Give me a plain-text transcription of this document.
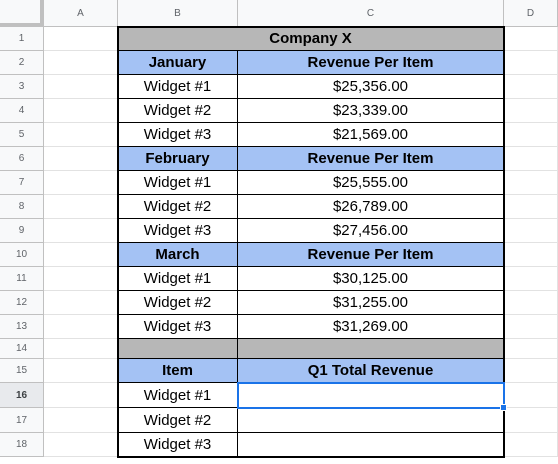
A	B	C	D
1
2
3
4
5
6
7
8
9
10
11
12
13
14
15
16
17
18
Company X
January	Revenue Per Item
Widget #1	$25,356.00
Widget #2	$23,339.00
Widget #3	$21,569.00
February	Revenue Per Item
Widget #1	$25,555.00
Widget #2	$26,789.00
Widget #3	$27,456.00
March	Revenue Per Item
Widget #1	$30,125.00
Widget #2	$31,255.00
Widget #3	$31,269.00
Item	Q1 Total Revenue
Widget #1
Widget #2
Widget #3
